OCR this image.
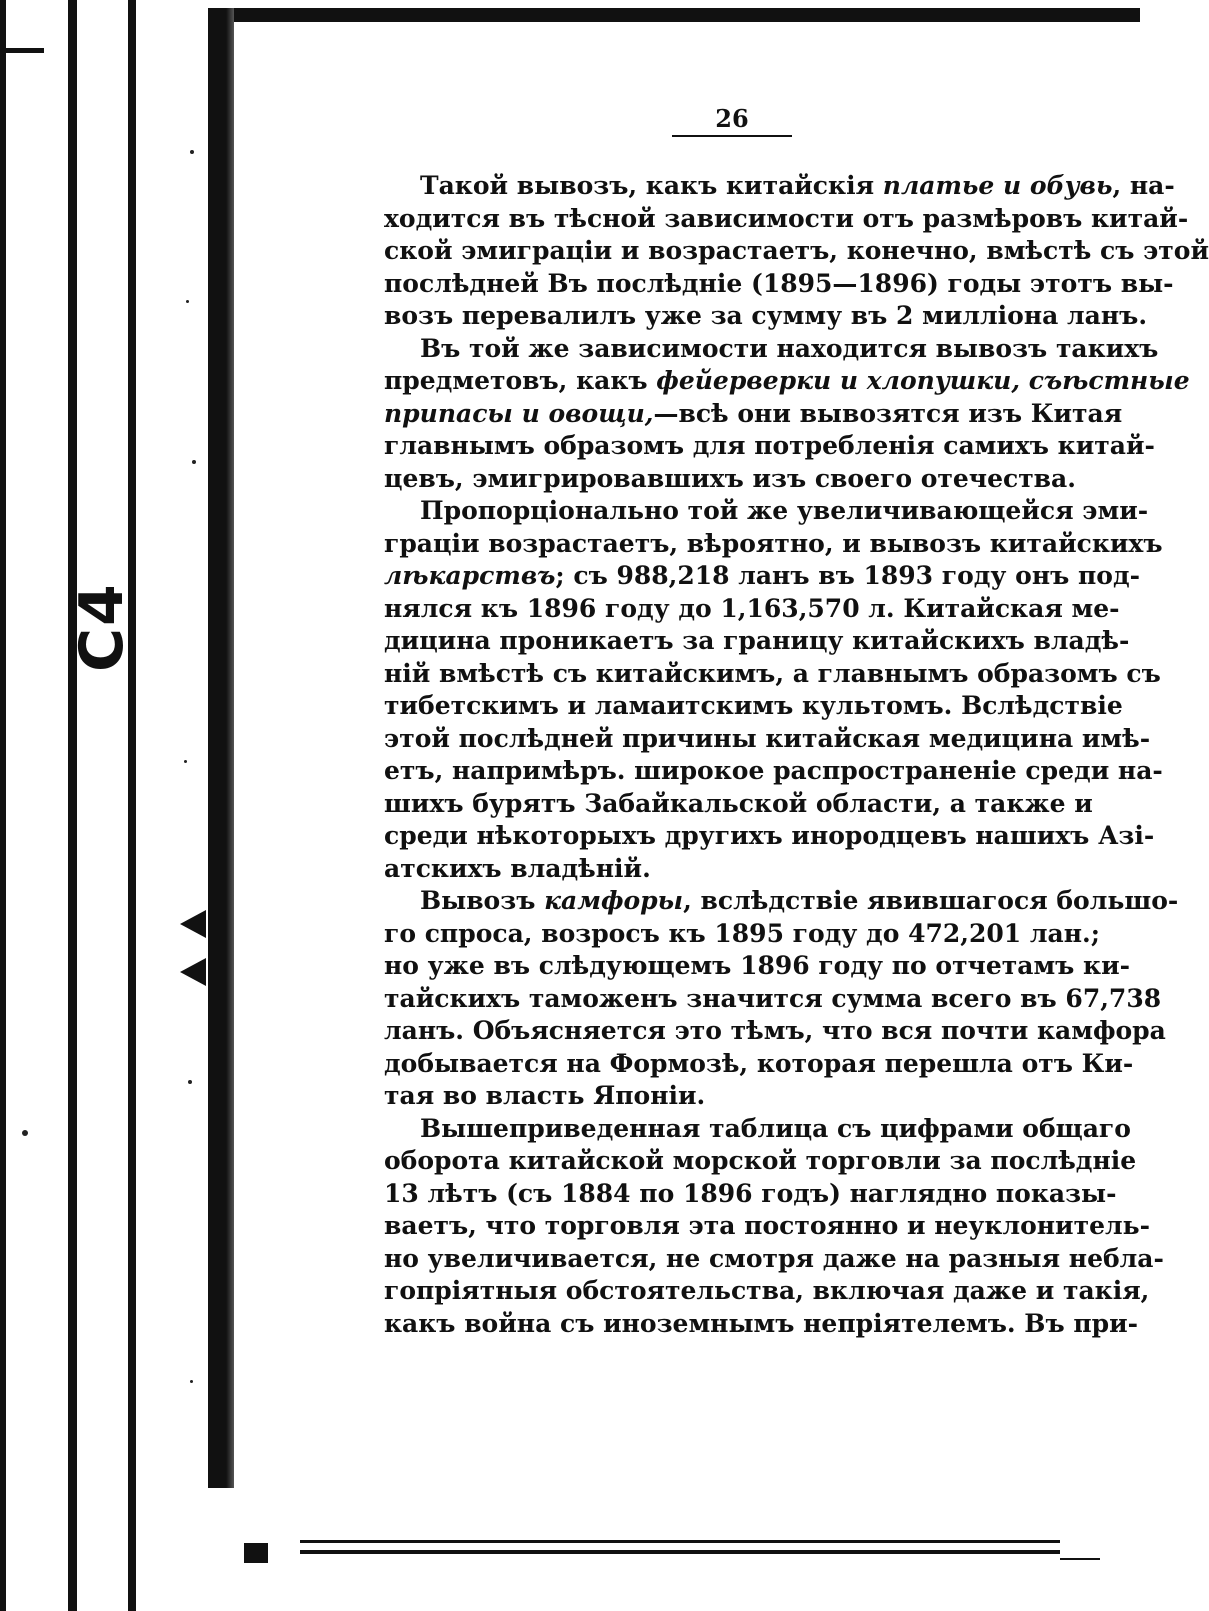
C4
26
Такой вывозъ, какъ китайскія платье и обувь, на-
ходится въ тѣсной зависимости отъ размѣровъ китай-
ской эмиграціи и возрастаетъ, конечно, вмѣстѣ съ этой
послѣдней Въ послѣдніе (1895—1896) годы этотъ вы-
возъ перевалилъ уже за сумму въ 2 милліона ланъ.
Въ той же зависимости находится вывозъ такихъ
предметовъ, какъ фейерверки и хлопушки, съѣстные
припасы и овощи,—всѣ они вывозятся изъ Китая
главнымъ образомъ для потребленія самихъ китай-
цевъ, эмигрировавшихъ изъ своего отечества.
Пропорціонально той же увеличивающейся эми-
граціи возрастаетъ, вѣроятно, и вывозъ китайскихъ
лѣкарствъ; съ 988,218 ланъ въ 1893 году онъ под-
нялся къ 1896 году до 1,163,570 л. Китайская ме-
дицина проникаетъ за границу китайскихъ владѣ-
ній вмѣстѣ съ китайскимъ, а главнымъ образомъ съ
тибетскимъ и ламаитскимъ культомъ. Вслѣдствіе
этой послѣдней причины китайская медицина имѣ-
етъ, напримѣръ. широкое распространеніе среди на-
шихъ бурятъ Забайкальской области, а также и
среди нѣкоторыхъ другихъ инородцевъ нашихъ Азі-
атскихъ владѣній.
Вывозъ камфоры, вслѣдствіе явившагося большо-
го спроса, возросъ къ 1895 году до 472,201 лан.;
но уже въ слѣдующемъ 1896 году по отчетамъ ки-
тайскихъ таможенъ значится сумма всего въ 67,738
ланъ. Объясняется это тѣмъ, что вся почти камфора
добывается на Формозѣ, которая перешла отъ Ки-
тая во власть Японіи.
Вышеприведенная таблица съ цифрами общаго
оборота китайской морской торговли за послѣдніе
13 лѣтъ (съ 1884 по 1896 годъ) наглядно показы-
ваетъ, что торговля эта постоянно и неуклонитель-
но увеличивается, не смотря даже на разныя небла-
гопріятныя обстоятельства, включая даже и такія,
какъ война съ иноземнымъ непріятелемъ. Въ при-
